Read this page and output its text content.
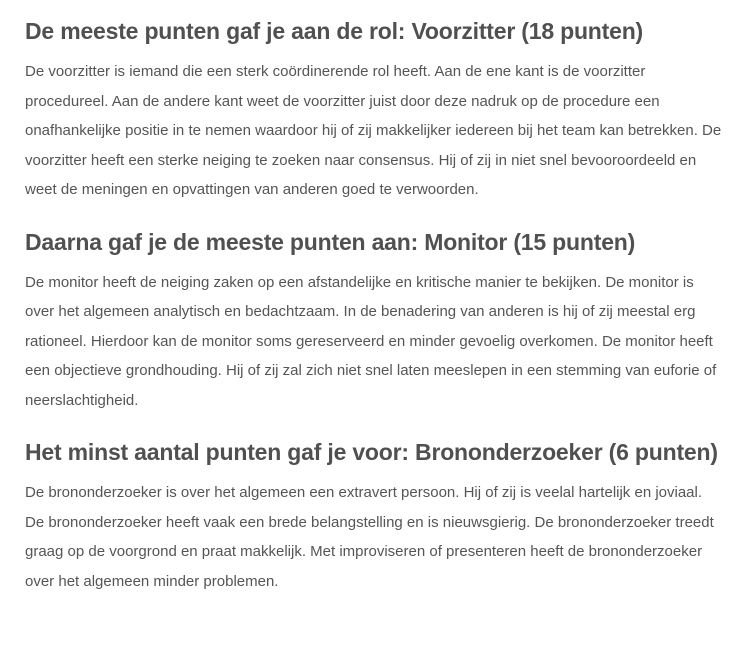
De meeste punten gaf je aan de rol: Voorzitter (18 punten)

De voorzitter is iemand die een sterk coördinerende rol heeft. Aan de ene kant is de voorzitter procedureel. Aan de andere kant weet de voorzitter juist door deze nadruk op de procedure een onafhankelijke positie in te nemen waardoor hij of zij makkelijker iedereen bij het team kan betrekken. De voorzitter heeft een sterke neiging te zoeken naar consensus. Hij of zij in niet snel bevooroordeeld en weet de meningen en opvattingen van anderen goed te verwoorden.

Daarna gaf je de meeste punten aan: Monitor (15 punten)

De monitor heeft de neiging zaken op een afstandelijke en kritische manier te bekijken. De monitor is over het algemeen analytisch en bedachtzaam. In de benadering van anderen is hij of zij meestal erg rationeel. Hierdoor kan de monitor soms gereserveerd en minder gevoelig overkomen. De monitor heeft een objectieve grondhouding. Hij of zij zal zich niet snel laten meeslepen in een stemming van euforie of neerslachtigheid.

Het minst aantal punten gaf je voor: Brononderzoeker (6 punten)

De brononderzoeker is over het algemeen een extravert persoon. Hij of zij is veelal hartelijk en joviaal. De brononderzoeker heeft vaak een brede belangstelling en is nieuwsgierig. De brononderzoeker treedt graag op de voorgrond en praat makkelijk. Met improviseren of presenteren heeft de brononderzoeker over het algemeen minder problemen.
